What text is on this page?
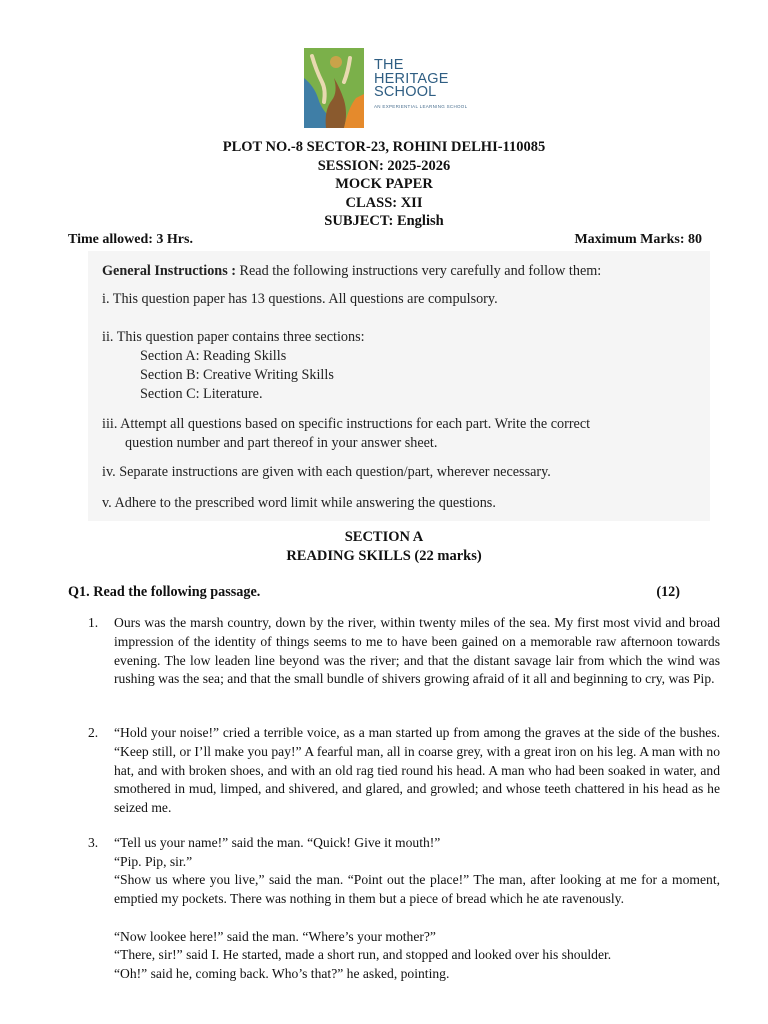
THE
HERITAGE
SCHOOL
AN EXPERIENTIAL LEARNING SCHOOL
PLOT NO.-8 SECTOR-23, ROHINI DELHI-110085
SESSION: 2025-2026
MOCK PAPER
CLASS: XII
SUBJECT: English
Time allowed: 3 Hrs.	Maximum Marks: 80
General Instructions : Read the following instructions very carefully and follow them:
i. This question paper has 13 questions. All questions are compulsory.
ii. This question paper contains three sections:
Section A: Reading Skills
Section B: Creative Writing Skills
Section C: Literature.
iii. Attempt all questions based on specific instructions for each part. Write the correct
question number and part thereof in your answer sheet.
iv. Separate instructions are given with each question/part, wherever necessary.
v. Adhere to the prescribed word limit while answering the questions.
SECTION A
READING SKILLS (22 marks)
Q1. Read the following passage.	(12)
1. Ours was the marsh country, down by the river, within twenty miles of the sea. My first most vivid and broad impression of the identity of things seems to me to have been gained on a memorable raw afternoon towards evening. The low leaden line beyond was the river; and that the distant savage lair from which the wind was rushing was the sea; and that the small bundle of shivers growing afraid of it all and beginning to cry, was Pip.
2. “Hold your noise!” cried a terrible voice, as a man started up from among the graves at the side of the bushes. “Keep still, or I’ll make you pay!” A fearful man, all in coarse grey, with a great iron on his leg. A man with no hat, and with broken shoes, and with an old rag tied round his head. A man who had been soaked in water, and smothered in mud, limped, and shivered, and glared, and growled; and whose teeth chattered in his head as he seized me.
3. “Tell us your name!” said the man. “Quick! Give it mouth!”
“Pip. Pip, sir.”
“Show us where you live,” said the man. “Point out the place!” The man, after looking at me for a moment, emptied my pockets. There was nothing in them but a piece of bread which he ate ravenously.
“Now lookee here!” said the man. “Where’s your mother?”
“There, sir!” said I. He started, made a short run, and stopped and looked over his shoulder.
“Oh!” said he, coming back. Who’s that?” he asked, pointing.
